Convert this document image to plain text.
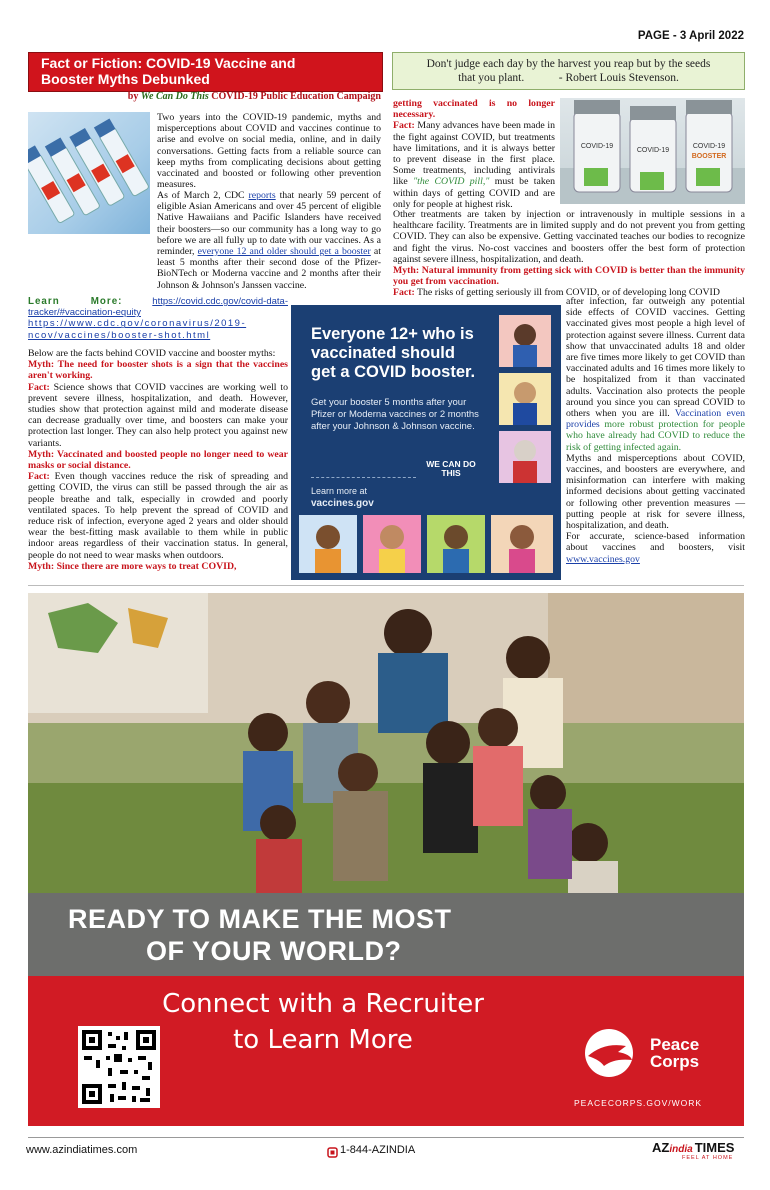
PAGE - 3 April 2022
Fact or Fiction: COVID-19 Vaccine and
Booster Myths Debunked
by We Can Do This COVID-19 Public Education Campaign
Don't judge each day by the harvest you reap but by the seeds
that you plant.            - Robert Louis Stevenson.
COVID-19
COVID-19
COVID-19
BOOSTER
Two years into the COVID-19 pandemic, myths and misperceptions about COVID and vaccines continue to arise and evolve on social media, online, and in daily conversations. Getting facts from a reliable source can keep myths from complicating decisions about getting vaccinated and boosted or following other prevention measures.
As of March 2, CDC reports that nearly 59 percent of eligible Asian Americans and over 45 percent of eligible Native Hawaiians and Pacific Islanders have received their boosters—so our community has a long way to go before we are all fully up to date with our vaccines. As a reminder, everyone 12 and older should get a booster at least 5 months after their second dose of the Pfizer-BioNTech or Moderna vaccine and 2 months after their Johnson & Johnson's Janssen vaccine.
Learn More:	https://covid.cdc.gov/covid-data-tracker/#vaccination-equity
https://www.cdc.gov/coronavirus/2019-ncov/vaccines/booster-shot.html

Below are the facts behind COVID vaccine and booster myths:

Myth: The need for booster shots is a sign that the vaccines aren't working.

Fact: Science shows that COVID vaccines are working well to prevent severe illness, hospitalization, and death. However, studies show that protection against mild and moderate disease can decrease gradually over time, and boosters can make your protection last longer. They can also help protect you against new variants.

Myth: Vaccinated and boosted people no longer need to wear masks or social distance.

Fact: Even though vaccines reduce the risk of spreading and getting COVID, the virus can still be passed through the air as people breathe and talk, especially in crowded and poorly ventilated spaces. To help prevent the spread of COVID and reduce risk of infection, everyone aged 2 years and older should wear the best-fitting mask available to them while in public indoor areas regardless of their vaccination status. In general, people do not need to wear masks when outdoors.

Myth: Since there are more ways to treat COVID,

getting vaccinated is no longer necessary.

Fact: Many advances have been made in the fight against COVID, but treatments have limitations, and it is always better to prevent disease in the first place. Some treatments, including antivirals like "the COVID pill," must be taken within days of getting COVID and are only for people at highest risk.

Other treatments are taken by injection or intravenously in multiple sessions in a healthcare facility. Treatments are in limited supply and do not prevent you from getting COVID. They can also be expensive. Getting vaccinated teaches our bodies to recognize and fight the virus. No-cost vaccines and boosters offer the best form of protection against severe illness, hospitalization, and death.

Myth: Natural immunity from getting sick with COVID is better than the immunity you get from vaccination.

Fact: The risks of getting seriously ill from COVID, or of developing long COVID

after infection, far outweigh any potential side effects of COVID vaccines. Getting vaccinated gives most people a high level of protection against severe illness. Current data show that unvaccinated adults 18 and older are five times more likely to get COVID than vaccinated adults and 16 times more likely to be hospitalized from it than vaccinated adults. Vaccination also protects the people around you since you can spread COVID to others when you are ill. Vaccination even provides more robust protection for people who have already had COVID to reduce the risk of getting infected again.

Myths and misperceptions about COVID, vaccines, and boosters are everywhere, and misinformation can interfere with making informed decisions about getting vaccinated or following other prevention measures — putting people at risk for severe illness, hospitalization, and death.

For accurate, science-based information about vaccines and boosters, visit www.vaccines.gov

Everyone 12+ who is vaccinated should get a COVID booster.
Get your booster 5 months after your Pfizer or Moderna vaccines or 2 months after your Johnson & Johnson vaccine.
Learn more at
vaccines.gov
WE CAN DO THIS
READY TO MAKE THE MOST
OF YOUR WORLD?
Connect with a Recruiter
to Learn More	Peace
Corps
PEACECORPS.GOV/WORK
www.azindiatimes.com	1-844-AZINDIA	AZindia TIMES
FEEL AT HOME
